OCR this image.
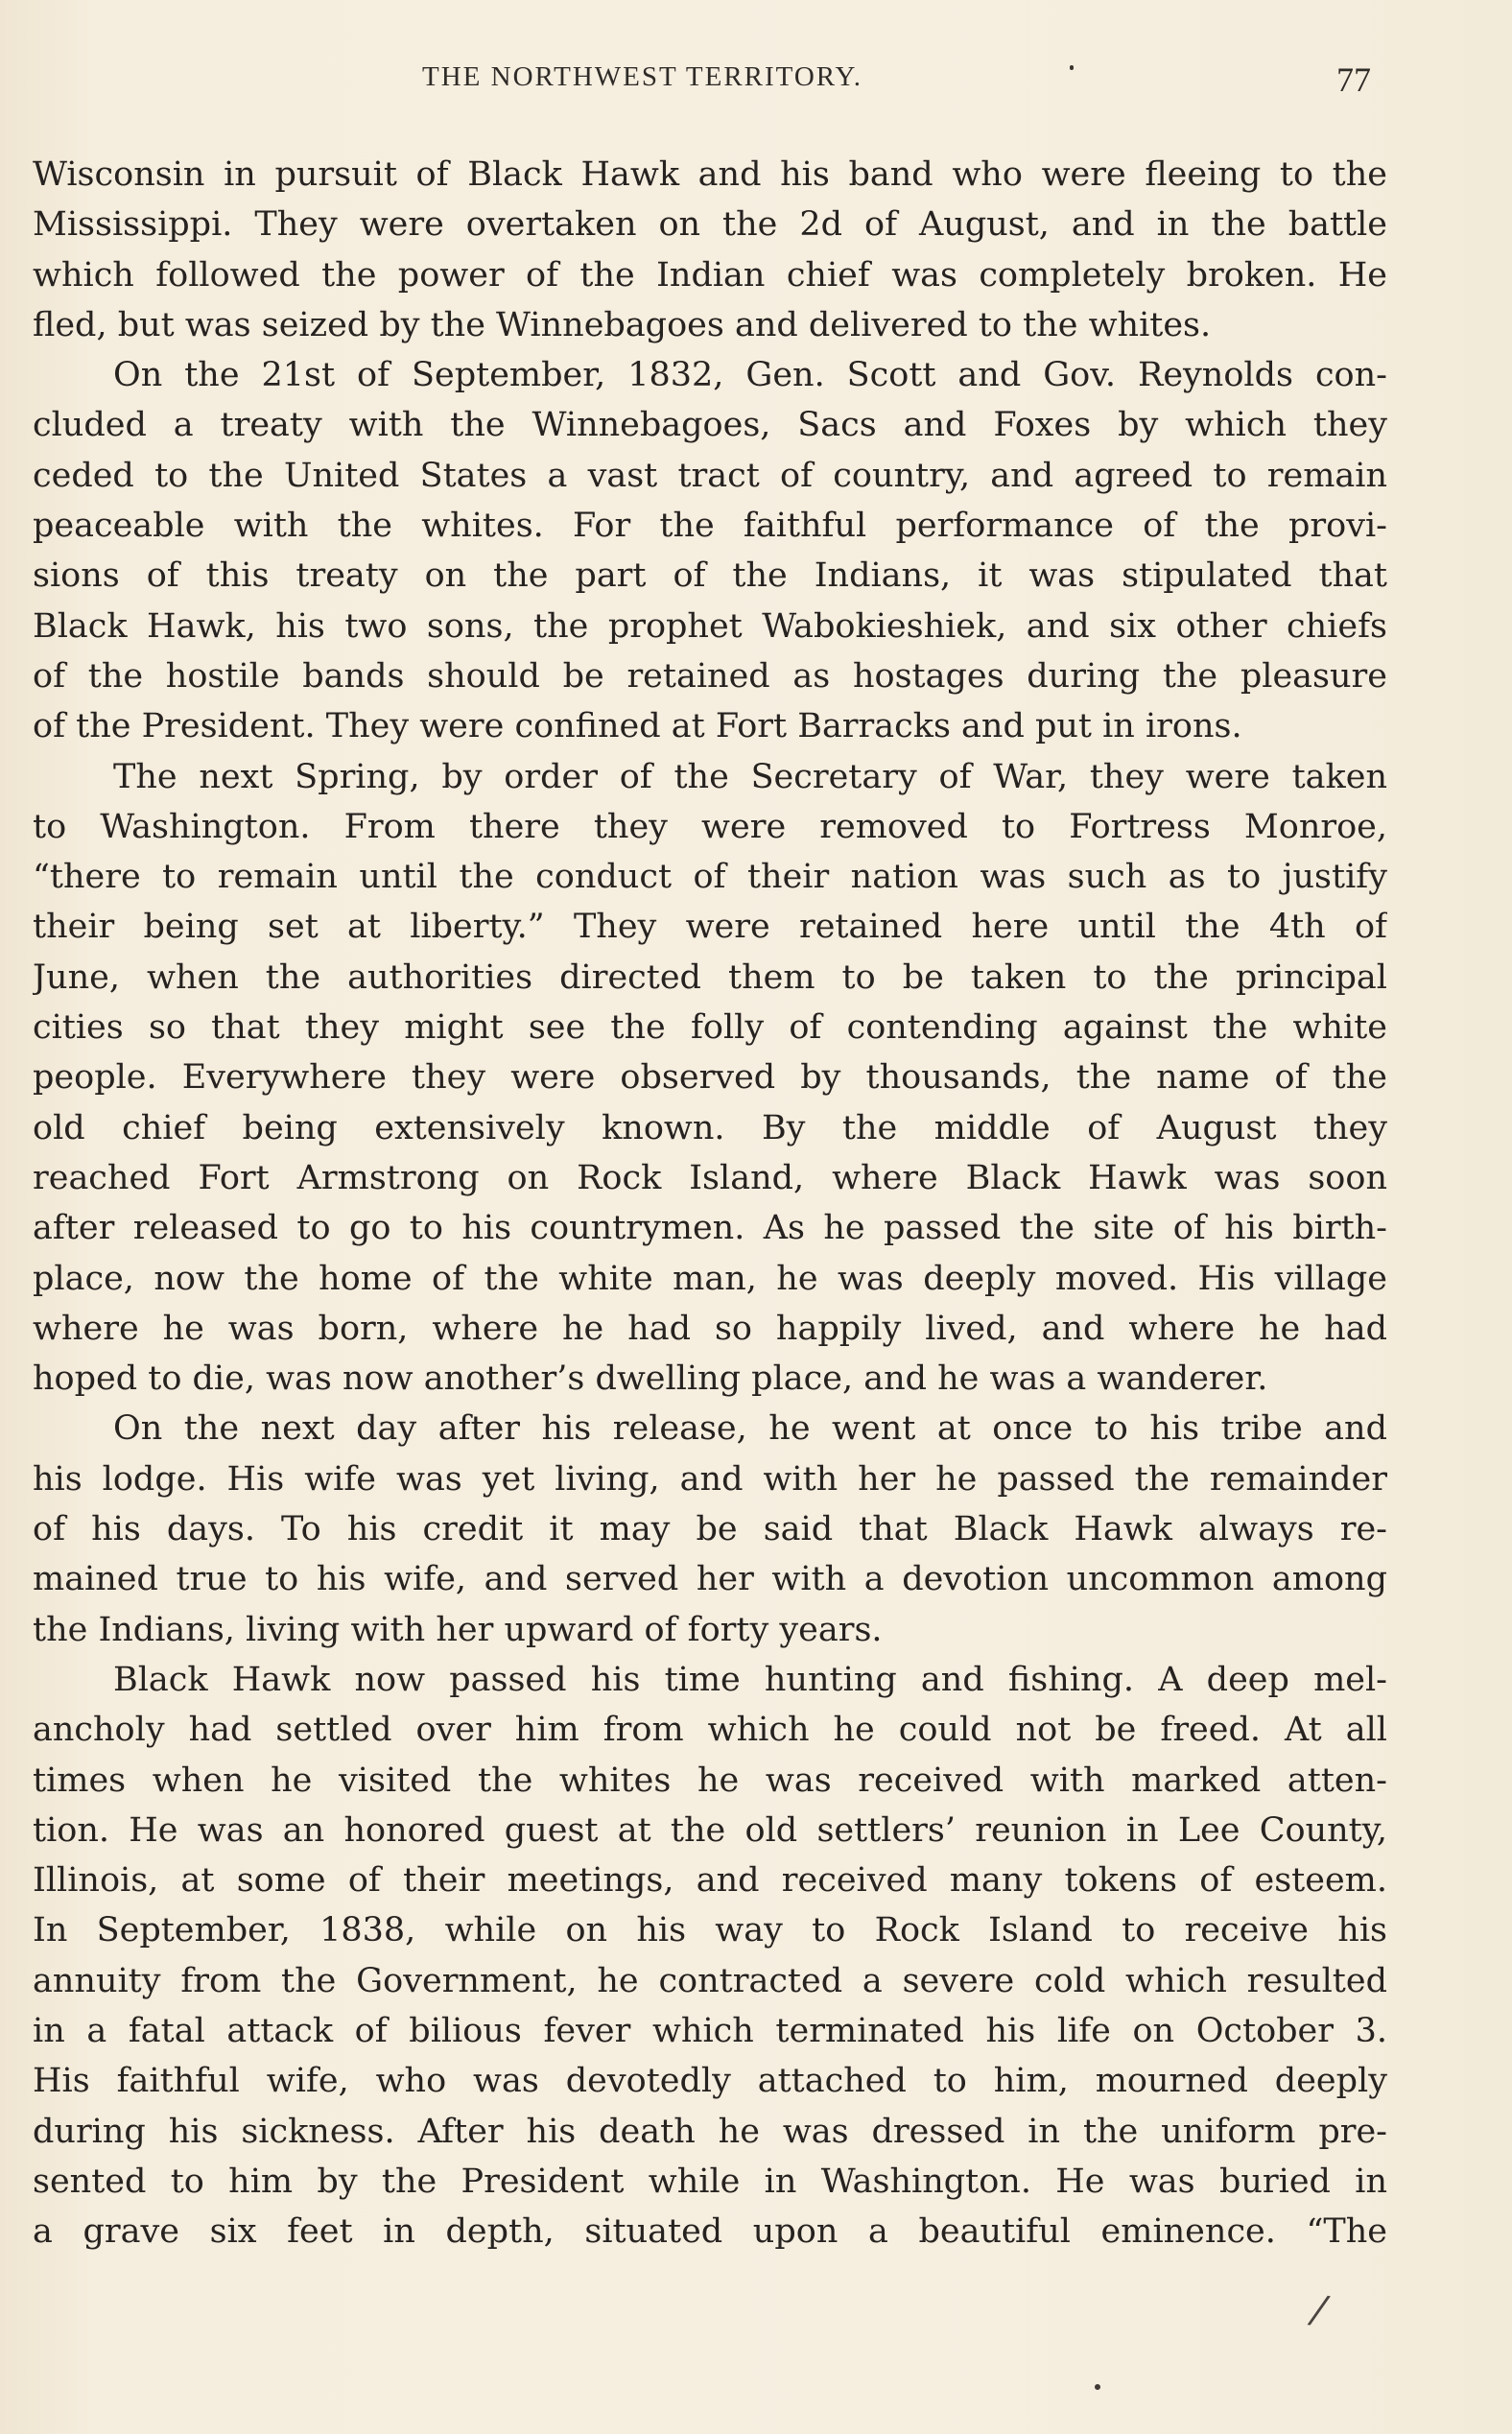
THE NORTHWEST TERRITORY.	77
Wisconsin in pursuit of Black Hawk and his band who were fleeing to the
Mississippi. They were overtaken on the 2d of August, and in the battle
which followed the power of the Indian chief was completely broken. He
fled, but was seized by the Winnebagoes and delivered to the whites.
On the 21st of September, 1832, Gen. Scott and Gov. Reynolds con-
cluded a treaty with the Winnebagoes, Sacs and Foxes by which they
ceded to the United States a vast tract of country, and agreed to remain
peaceable with the whites. For the faithful performance of the provi-
sions of this treaty on the part of the Indians, it was stipulated that
Black Hawk, his two sons, the prophet Wabokieshiek, and six other chiefs
of the hostile bands should be retained as hostages during the pleasure
of the President. They were confined at Fort Barracks and put in irons.
The next Spring, by order of the Secretary of War, they were taken
to Washington. From there they were removed to Fortress Monroe,
“there to remain until the conduct of their nation was such as to justify
their being set at liberty.” They were retained here until the 4th of
June, when the authorities directed them to be taken to the principal
cities so that they might see the folly of contending against the white
people. Everywhere they were observed by thousands, the name of the
old chief being extensively known. By the middle of August they
reached Fort Armstrong on Rock Island, where Black Hawk was soon
after released to go to his countrymen. As he passed the site of his birth-
place, now the home of the white man, he was deeply moved. His village
where he was born, where he had so happily lived, and where he had
hoped to die, was now another’s dwelling place, and he was a wanderer.
On the next day after his release, he went at once to his tribe and
his lodge. His wife was yet living, and with her he passed the remainder
of his days. To his credit it may be said that Black Hawk always re-
mained true to his wife, and served her with a devotion uncommon among
the Indians, living with her upward of forty years.
Black Hawk now passed his time hunting and fishing. A deep mel-
ancholy had settled over him from which he could not be freed. At all
times when he visited the whites he was received with marked atten-
tion. He was an honored guest at the old settlers’ reunion in Lee County,
Illinois, at some of their meetings, and received many tokens of esteem.
In September, 1838, while on his way to Rock Island to receive his
annuity from the Government, he contracted a severe cold which resulted
in a fatal attack of bilious fever which terminated his life on October 3.
His faithful wife, who was devotedly attached to him, mourned deeply
during his sickness. After his death he was dressed in the uniform pre-
sented to him by the President while in Washington. He was buried in
a grave six feet in depth, situated upon a beautiful eminence. “The
/
